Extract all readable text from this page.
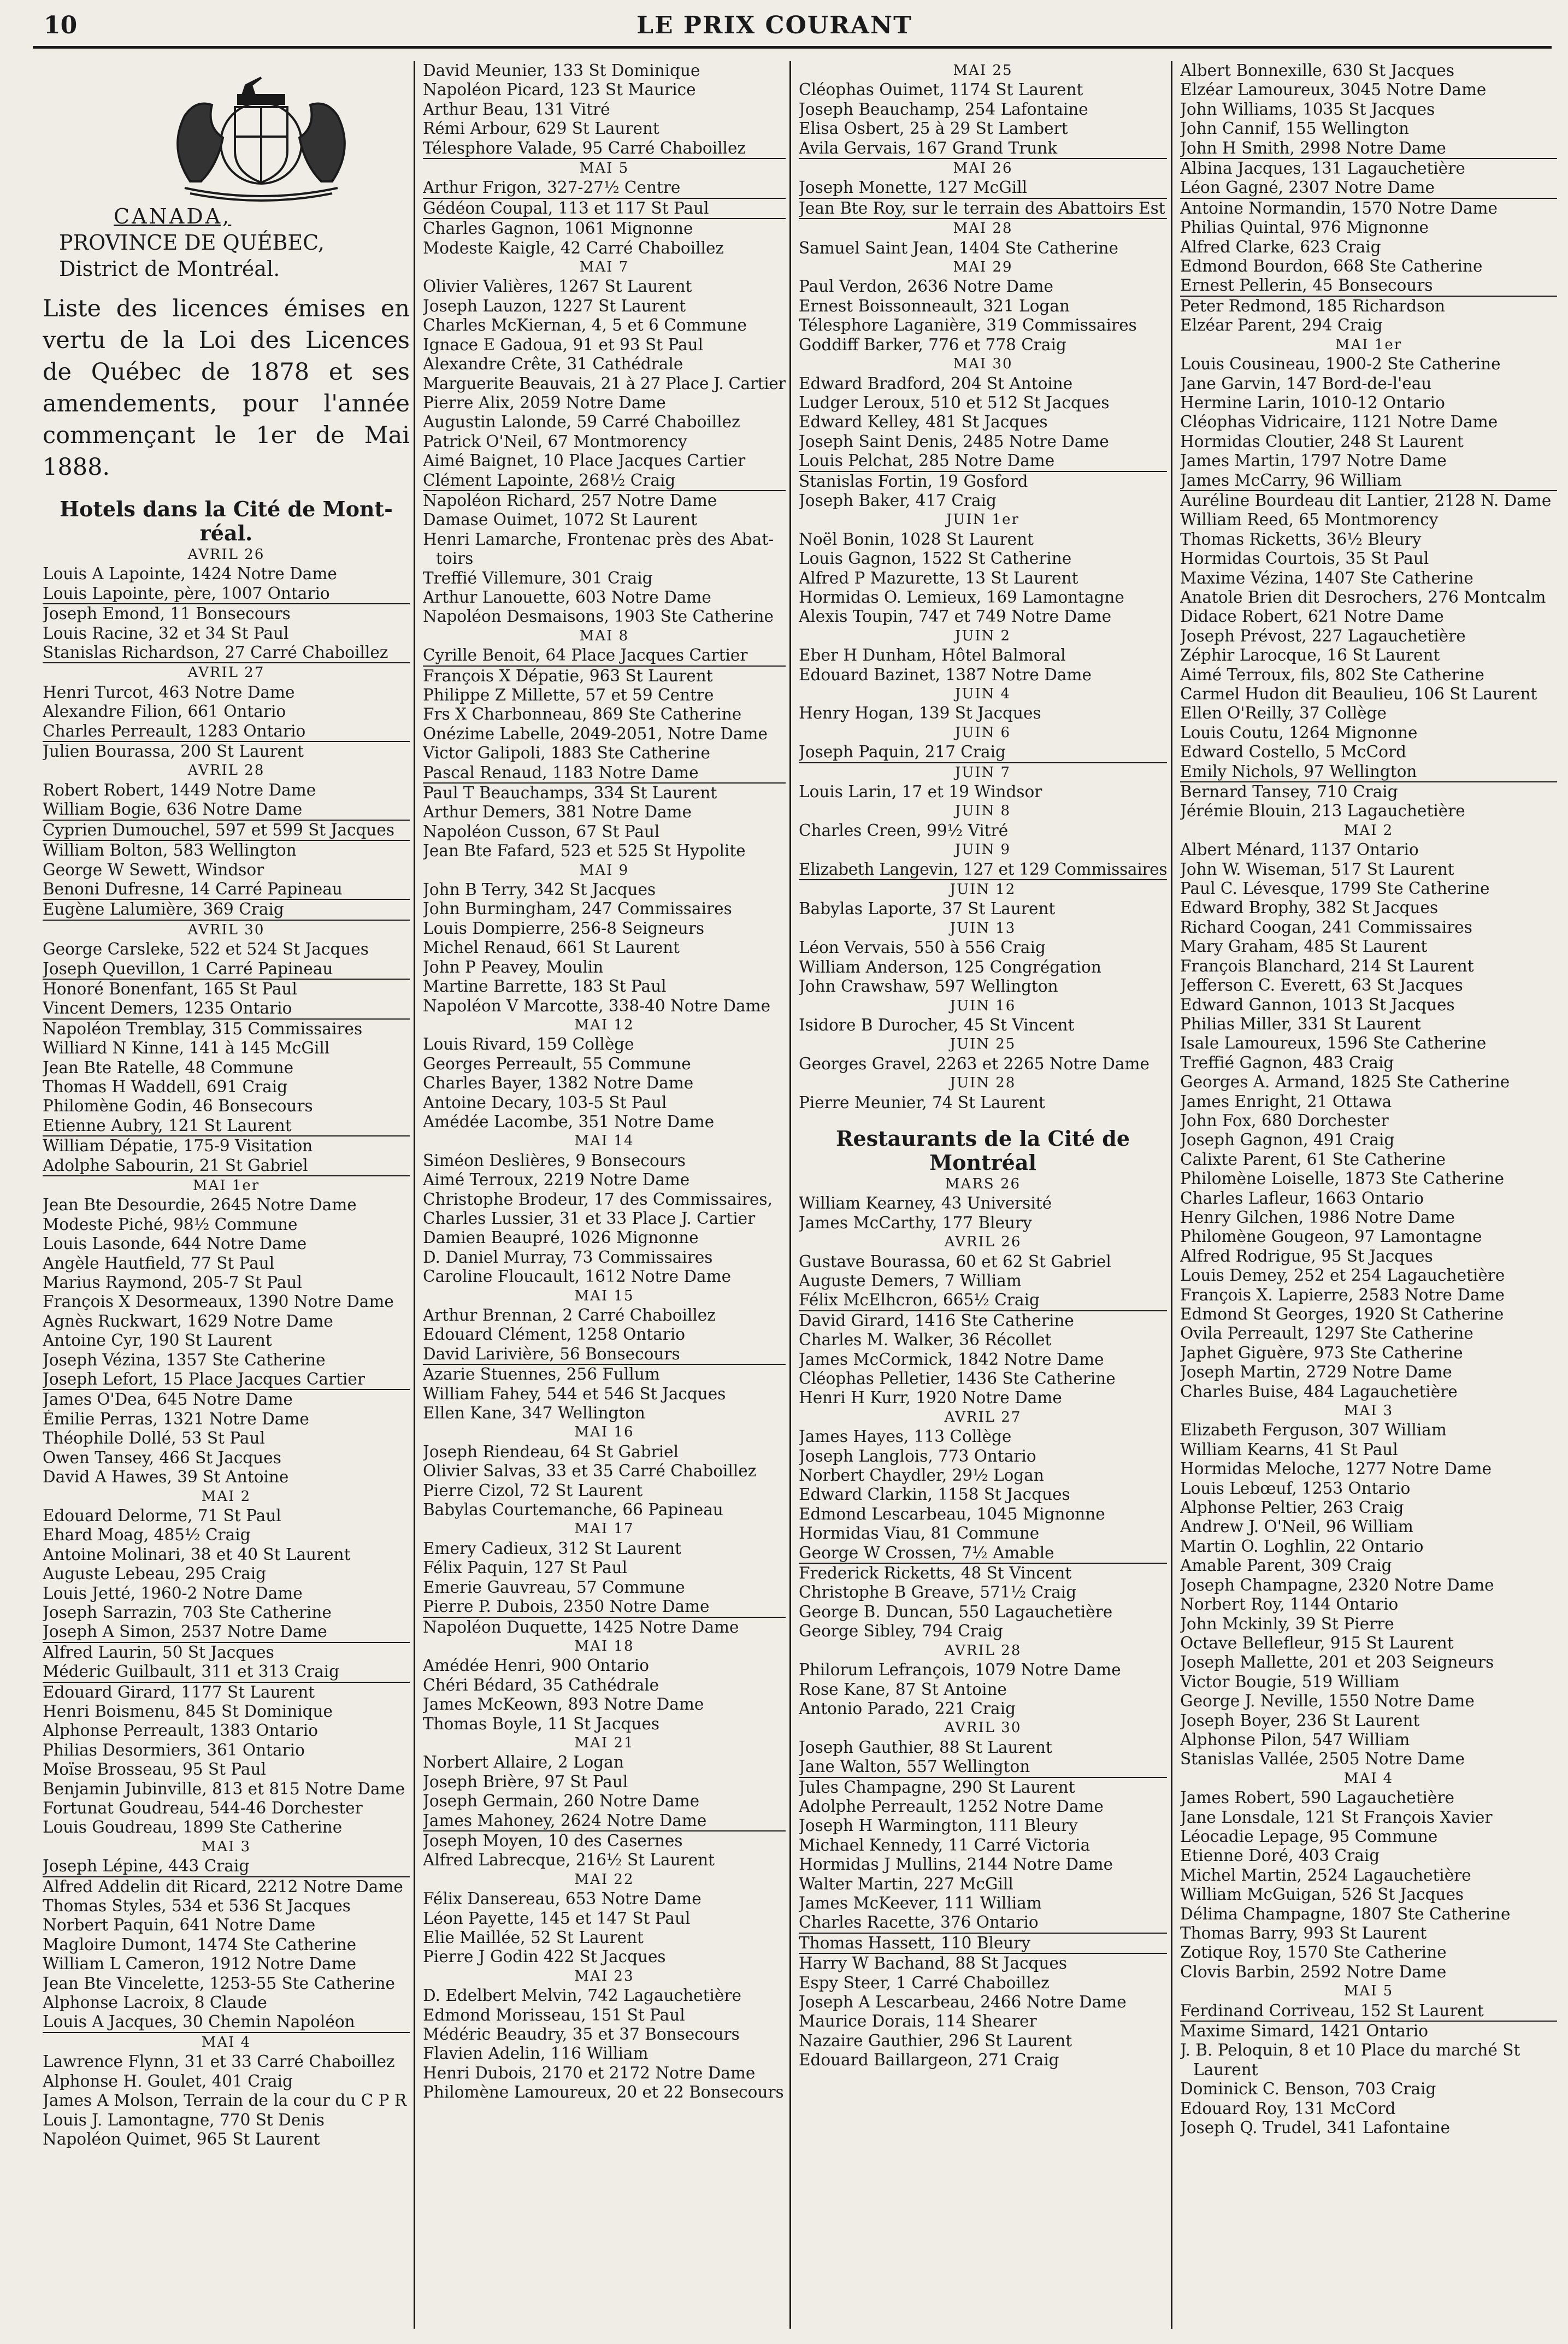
10	LE PRIX COURANT
CANADA,
PROVINCE DE QUÉBEC,
District de Montréal.
Liste des licences émises en vertu de la Loi des Licences de Québec de 1878 et ses amendements, pour l'année commençant le 1er de Mai 1888.
Hotels dans la Cité de Mont-
réal.
AVRIL 26
Louis A Lapointe, 1424 Notre Dame
Louis Lapointe, père, 1007 Ontario
Joseph Emond, 11 Bonsecours
Louis Racine, 32 et 34 St Paul
Stanislas Richardson, 27 Carré Chaboillez
AVRIL 27
Henri Turcot, 463 Notre Dame
Alexandre Filion, 661 Ontario
Charles Perreault, 1283 Ontario
Julien Bourassa, 200 St Laurent
AVRIL 28
Robert Robert, 1449 Notre Dame
William Bogie, 636 Notre Dame
Cyprien Dumouchel, 597 et 599 St Jacques
William Bolton, 583 Wellington
George W Sewett, Windsor
Benoni Dufresne, 14 Carré Papineau
Eugène Lalumière, 369 Craig
AVRIL 30
George Carsleke, 522 et 524 St Jacques
Joseph Quevillon, 1 Carré Papineau
Honoré Bonenfant, 165 St Paul
Vincent Demers, 1235 Ontario
Napoléon Tremblay, 315 Commissaires
Williard N Kinne, 141 à 145 McGill
Jean Bte Ratelle, 48 Commune
Thomas H Waddell, 691 Craig
Philomène Godin, 46 Bonsecours
Etienne Aubry, 121 St Laurent
William Dépatie, 175-9 Visitation
Adolphe Sabourin, 21 St Gabriel
MAI 1er
Jean Bte Desourdie, 2645 Notre Dame
Modeste Piché, 98½ Commune
Louis Lasonde, 644 Notre Dame
Angèle Hautfield, 77 St Paul
Marius Raymond, 205-7 St Paul
François X Desormeaux, 1390 Notre Dame
Agnès Ruckwart, 1629 Notre Dame
Antoine Cyr, 190 St Laurent
Joseph Vézina, 1357 Ste Catherine
Joseph Lefort, 15 Place Jacques Cartier
James O'Dea, 645 Notre Dame
Émilie Perras, 1321 Notre Dame
Théophile Dollé, 53 St Paul
Owen Tansey, 466 St Jacques
David A Hawes, 39 St Antoine
MAI 2
Edouard Delorme, 71 St Paul
Ehard Moag, 485½ Craig
Antoine Molinari, 38 et 40 St Laurent
Auguste Lebeau, 295 Craig
Louis Jetté, 1960-2 Notre Dame
Joseph Sarrazin, 703 Ste Catherine
Joseph A Simon, 2537 Notre Dame
Alfred Laurin, 50 St Jacques
Méderic Guilbault, 311 et 313 Craig
Edouard Girard, 1177 St Laurent
Henri Boismenu, 845 St Dominique
Alphonse Perreault, 1383 Ontario
Philias Desormiers, 361 Ontario
Moïse Brosseau, 95 St Paul
Benjamin Jubinville, 813 et 815 Notre Dame
Fortunat Goudreau, 544-46 Dorchester
Louis Goudreau, 1899 Ste Catherine
MAI 3
Joseph Lépine, 443 Craig
Alfred Addelin dit Ricard, 2212 Notre Dame
Thomas Styles, 534 et 536 St Jacques
Norbert Paquin, 641 Notre Dame
Magloire Dumont, 1474 Ste Catherine
William L Cameron, 1912 Notre Dame
Jean Bte Vincelette, 1253-55 Ste Catherine
Alphonse Lacroix, 8 Claude
Louis A Jacques, 30 Chemin Napoléon
MAI 4
Lawrence Flynn, 31 et 33 Carré Chaboillez
Alphonse H. Goulet, 401 Craig
James A Molson, Terrain de la cour du C P R
Louis J. Lamontagne, 770 St Denis
Napoléon Quimet, 965 St Laurent
David Meunier, 133 St Dominique
Napoléon Picard, 123 St Maurice
Arthur Beau, 131 Vitré
Rémi Arbour, 629 St Laurent
Télesphore Valade, 95 Carré Chaboillez
MAI 5
Arthur Frigon, 327-27½ Centre
Gédéon Coupal, 113 et 117 St Paul
Charles Gagnon, 1061 Mignonne
Modeste Kaigle, 42 Carré Chaboillez
MAI 7
Olivier Valières, 1267 St Laurent
Joseph Lauzon, 1227 St Laurent
Charles McKiernan, 4, 5 et 6 Commune
Ignace E Gadoua, 91 et 93 St Paul
Alexandre Crête, 31 Cathédrale
Marguerite Beauvais, 21 à 27 Place J. Cartier
Pierre Alix, 2059 Notre Dame
Augustin Lalonde, 59 Carré Chaboillez
Patrick O'Neil, 67 Montmorency
Aimé Baignet, 10 Place Jacques Cartier
Clément Lapointe, 268½ Craig
Napoléon Richard, 257 Notre Dame
Damase Ouimet, 1072 St Laurent
Henri Lamarche, Frontenac près des Abat-
toirs
Treffié Villemure, 301 Craig
Arthur Lanouette, 603 Notre Dame
Napoléon Desmaisons, 1903 Ste Catherine
MAI 8
Cyrille Benoit, 64 Place Jacques Cartier
François X Dépatie, 963 St Laurent
Philippe Z Millette, 57 et 59 Centre
Frs X Charbonneau, 869 Ste Catherine
Onézime Labelle, 2049-2051, Notre Dame
Victor Galipoli, 1883 Ste Catherine
Pascal Renaud, 1183 Notre Dame
Paul T Beauchamps, 334 St Laurent
Arthur Demers, 381 Notre Dame
Napoléon Cusson, 67 St Paul
Jean Bte Fafard, 523 et 525 St Hypolite
MAI 9
John B Terry, 342 St Jacques
John Burmingham, 247 Commissaires
Louis Dompierre, 256-8 Seigneurs
Michel Renaud, 661 St Laurent
John P Peavey, Moulin
Martine Barrette, 183 St Paul
Napoléon V Marcotte, 338-40 Notre Dame
MAI 12
Louis Rivard, 159 Collège
Georges Perreault, 55 Commune
Charles Bayer, 1382 Notre Dame
Antoine Decary, 103-5 St Paul
Amédée Lacombe, 351 Notre Dame
MAI 14
Siméon Deslières, 9 Bonsecours
Aimé Terroux, 2219 Notre Dame
Christophe Brodeur, 17 des Commissaires,
Charles Lussier, 31 et 33 Place J. Cartier
Damien Beaupré, 1026 Mignonne
D. Daniel Murray, 73 Commissaires
Caroline Floucault, 1612 Notre Dame
MAI 15
Arthur Brennan, 2 Carré Chaboillez
Edouard Clément, 1258 Ontario
David Larivière, 56 Bonsecours
Azarie Stuennes, 256 Fullum
William Fahey, 544 et 546 St Jacques
Ellen Kane, 347 Wellington
MAI 16
Joseph Riendeau, 64 St Gabriel
Olivier Salvas, 33 et 35 Carré Chaboillez
Pierre Cizol, 72 St Laurent
Babylas Courtemanche, 66 Papineau
MAI 17
Emery Cadieux, 312 St Laurent
Félix Paquin, 127 St Paul
Emerie Gauvreau, 57 Commune
Pierre P. Dubois, 2350 Notre Dame
Napoléon Duquette, 1425 Notre Dame
MAI 18
Amédée Henri, 900 Ontario
Chéri Bédard, 35 Cathédrale
James McKeown, 893 Notre Dame
Thomas Boyle, 11 St Jacques
MAI 21
Norbert Allaire, 2 Logan
Joseph Brière, 97 St Paul
Joseph Germain, 260 Notre Dame
James Mahoney, 2624 Notre Dame
Joseph Moyen, 10 des Casernes
Alfred Labrecque, 216½ St Laurent
MAI 22
Félix Dansereau, 653 Notre Dame
Léon Payette, 145 et 147 St Paul
Elie Maillée, 52 St Laurent
Pierre J Godin 422 St Jacques
MAI 23
D. Edelbert Melvin, 742 Lagauchetière
Edmond Morisseau, 151 St Paul
Médéric Beaudry, 35 et 37 Bonsecours
Flavien Adelin, 116 William
Henri Dubois, 2170 et 2172 Notre Dame
Philomène Lamoureux, 20 et 22 Bonsecours
MAI 25
Cléophas Ouimet, 1174 St Laurent
Joseph Beauchamp, 254 Lafontaine
Elisa Osbert, 25 à 29 St Lambert
Avila Gervais, 167 Grand Trunk
MAI 26
Joseph Monette, 127 McGill
Jean Bte Roy, sur le terrain des Abattoirs Est
MAI 28
Samuel Saint Jean, 1404 Ste Catherine
MAI 29
Paul Verdon, 2636 Notre Dame
Ernest Boissonneault, 321 Logan
Télesphore Laganière, 319 Commissaires
Goddiff Barker, 776 et 778 Craig
MAI 30
Edward Bradford, 204 St Antoine
Ludger Leroux, 510 et 512 St Jacques
Edward Kelley, 481 St Jacques
Joseph Saint Denis, 2485 Notre Dame
Louis Pelchat, 285 Notre Dame
Stanislas Fortin, 19 Gosford
Joseph Baker, 417 Craig
JUIN 1er
Noël Bonin, 1028 St Laurent
Louis Gagnon, 1522 St Catherine
Alfred P Mazurette, 13 St Laurent
Hormidas O. Lemieux, 169 Lamontagne
Alexis Toupin, 747 et 749 Notre Dame
JUIN 2
Eber H Dunham, Hôtel Balmoral
Edouard Bazinet, 1387 Notre Dame
JUIN 4
Henry Hogan, 139 St Jacques
JUIN 6
Joseph Paquin, 217 Craig
JUIN 7
Louis Larin, 17 et 19 Windsor
JUIN 8
Charles Creen, 99½ Vitré
JUIN 9
Elizabeth Langevin, 127 et 129 Commissaires
JUIN 12
Babylas Laporte, 37 St Laurent
JUIN 13
Léon Vervais, 550 à 556 Craig
William Anderson, 125 Congrégation
John Crawshaw, 597 Wellington
JUIN 16
Isidore B Durocher, 45 St Vincent
JUIN 25
Georges Gravel, 2263 et 2265 Notre Dame
JUIN 28
Pierre Meunier, 74 St Laurent
Restaurants de la Cité de
Montréal
MARS 26
William Kearney, 43 Université
James McCarthy, 177 Bleury
AVRIL 26
Gustave Bourassa, 60 et 62 St Gabriel
Auguste Demers, 7 William
Félix McElhcron, 665½ Craig
David Girard, 1416 Ste Catherine
Charles M. Walker, 36 Récollet
James McCormick, 1842 Notre Dame
Cléophas Pelletier, 1436 Ste Catherine
Henri H Kurr, 1920 Notre Dame
AVRIL 27
James Hayes, 113 Collège
Joseph Langlois, 773 Ontario
Norbert Chaydler, 29½ Logan
Edward Clarkin, 1158 St Jacques
Edmond Lescarbeau, 1045 Mignonne
Hormidas Viau, 81 Commune
George W Crossen, 7½ Amable
Frederick Ricketts, 48 St Vincent
Christophe B Greave, 571½ Craig
George B. Duncan, 550 Lagauchetière
George Sibley, 794 Craig
AVRIL 28
Philorum Lefrançois, 1079 Notre Dame
Rose Kane, 87 St Antoine
Antonio Parado, 221 Craig
AVRIL 30
Joseph Gauthier, 88 St Laurent
Jane Walton, 557 Wellington
Jules Champagne, 290 St Laurent
Adolphe Perreault, 1252 Notre Dame
Joseph H Warmington, 111 Bleury
Michael Kennedy, 11 Carré Victoria
Hormidas J Mullins, 2144 Notre Dame
Walter Martin, 227 McGill
James McKeever, 111 William
Charles Racette, 376 Ontario
Thomas Hassett, 110 Bleury
Harry W Bachand, 88 St Jacques
Espy Steer, 1 Carré Chaboillez
Joseph A Lescarbeau, 2466 Notre Dame
Maurice Dorais, 114 Shearer
Nazaire Gauthier, 296 St Laurent
Edouard Baillargeon, 271 Craig
Albert Bonnexille, 630 St Jacques
Elzéar Lamoureux, 3045 Notre Dame
John Williams, 1035 St Jacques
John Cannif, 155 Wellington
John H Smith, 2998 Notre Dame
Albina Jacques, 131 Lagauchetière
Léon Gagné, 2307 Notre Dame
Antoine Normandin, 1570 Notre Dame
Philias Quintal, 976 Mignonne
Alfred Clarke, 623 Craig
Edmond Bourdon, 668 Ste Catherine
Ernest Pellerin, 45 Bonsecours
Peter Redmond, 185 Richardson
Elzéar Parent, 294 Craig
MAI 1er
Louis Cousineau, 1900-2 Ste Catherine
Jane Garvin, 147 Bord-de-l'eau
Hermine Larin, 1010-12 Ontario
Cléophas Vidricaire, 1121 Notre Dame
Hormidas Cloutier, 248 St Laurent
James Martin, 1797 Notre Dame
James McCarry, 96 William
Auréline Bourdeau dit Lantier, 2128 N. Dame
William Reed, 65 Montmorency
Thomas Ricketts, 36½ Bleury
Hormidas Courtois, 35 St Paul
Maxime Vézina, 1407 Ste Catherine
Anatole Brien dit Desrochers, 276 Montcalm
Didace Robert, 621 Notre Dame
Joseph Prévost, 227 Lagauchetière
Zéphir Larocque, 16 St Laurent
Aimé Terroux, fils, 802 Ste Catherine
Carmel Hudon dit Beaulieu, 106 St Laurent
Ellen O'Reilly, 37 Collège
Louis Coutu, 1264 Mignonne
Edward Costello, 5 McCord
Emily Nichols, 97 Wellington
Bernard Tansey, 710 Craig
Jérémie Blouin, 213 Lagauchetière
MAI 2
Albert Ménard, 1137 Ontario
John W. Wiseman, 517 St Laurent
Paul C. Lévesque, 1799 Ste Catherine
Edward Brophy, 382 St Jacques
Richard Coogan, 241 Commissaires
Mary Graham, 485 St Laurent
François Blanchard, 214 St Laurent
Jefferson C. Everett, 63 St Jacques
Edward Gannon, 1013 St Jacques
Philias Miller, 331 St Laurent
Isale Lamoureux, 1596 Ste Catherine
Treffié Gagnon, 483 Craig
Georges A. Armand, 1825 Ste Catherine
James Enright, 21 Ottawa
John Fox, 680 Dorchester
Joseph Gagnon, 491 Craig
Calixte Parent, 61 Ste Catherine
Philomène Loiselle, 1873 Ste Catherine
Charles Lafleur, 1663 Ontario
Henry Gilchen, 1986 Notre Dame
Philomène Gougeon, 97 Lamontagne
Alfred Rodrigue, 95 St Jacques
Louis Demey, 252 et 254 Lagauchetière
François X. Lapierre, 2583 Notre Dame
Edmond St Georges, 1920 St Catherine
Ovila Perreault, 1297 Ste Catherine
Japhet Giguère, 973 Ste Catherine
Joseph Martin, 2729 Notre Dame
Charles Buise, 484 Lagauchetière
MAI 3
Elizabeth Ferguson, 307 William
William Kearns, 41 St Paul
Hormidas Meloche, 1277 Notre Dame
Louis Lebœuf, 1253 Ontario
Alphonse Peltier, 263 Craig
Andrew J. O'Neil, 96 William
Martin O. Loghlin, 22 Ontario
Amable Parent, 309 Craig
Joseph Champagne, 2320 Notre Dame
Norbert Roy, 1144 Ontario
John Mckinly, 39 St Pierre
Octave Bellefleur, 915 St Laurent
Joseph Mallette, 201 et 203 Seigneurs
Victor Bougie, 519 William
George J. Neville, 1550 Notre Dame
Joseph Boyer, 236 St Laurent
Alphonse Pilon, 547 William
Stanislas Vallée, 2505 Notre Dame
MAI 4
James Robert, 590 Lagauchetière
Jane Lonsdale, 121 St François Xavier
Léocadie Lepage, 95 Commune
Etienne Doré, 403 Craig
Michel Martin, 2524 Lagauchetière
William McGuigan, 526 St Jacques
Délima Champagne, 1807 Ste Catherine
Thomas Barry, 993 St Laurent
Zotique Roy, 1570 Ste Catherine
Clovis Barbin, 2592 Notre Dame
MAI 5
Ferdinand Corriveau, 152 St Laurent
Maxime Simard, 1421 Ontario
J. B. Peloquin, 8 et 10 Place du marché St
Laurent
Dominick C. Benson, 703 Craig
Edouard Roy, 131 McCord
Joseph Q. Trudel, 341 Lafontaine
